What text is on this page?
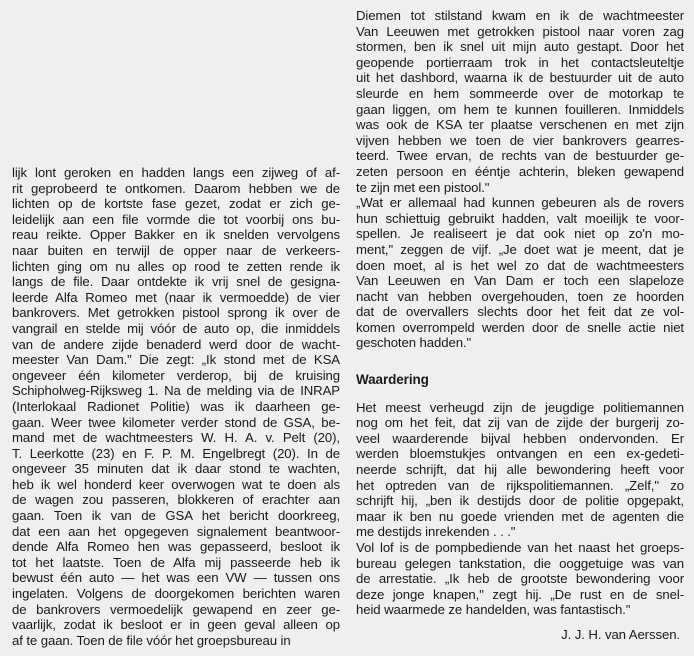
lijk lont geroken en hadden langs een zijweg of af-
rit geprobeerd te ontkomen. Daarom hebben we de
lichten op de kortste fase gezet, zodat er zich ge-
leidelijk aan een file vormde die tot voorbij ons bu-
reau reikte. Opper Bakker en ik snelden vervolgens
naar buiten en terwijl de opper naar de verkeers-
lichten ging om nu alles op rood te zetten rende ik
langs de file. Daar ontdekte ik vrij snel de gesigna-
leerde Alfa Romeo met (naar ik vermoedde) de vier
bankrovers. Met getrokken pistool sprong ik over de
vangrail en stelde mij vóór de auto op, die inmiddels
van de andere zijde benaderd werd door de wacht-
meester Van Dam." Die zegt: „Ik stond met de KSA
ongeveer één kilometer verderop, bij de kruising
Schipholweg-Rijksweg 1. Na de melding via de INRAP
(Interlokaal Radionet Politie) was ik daarheen ge-
gaan. Weer twee kilometer verder stond de GSA, be-
mand met de wachtmeesters W. H. A. v. Pelt (20),
T. Leerkotte (23) en F. P. M. Engelbregt (20). In de
ongeveer 35 minuten dat ik daar stond te wachten,
heb ik wel honderd keer overwogen wat te doen als
de wagen zou passeren, blokkeren of erachter aan
gaan. Toen ik van de GSA het bericht doorkreeg,
dat een aan het opgegeven signalement beantwoor-
dende Alfa Romeo hen was gepasseerd, besloot ik
tot het laatste. Toen de Alfa mij passeerde heb ik
bewust één auto — het was een VW — tussen ons
ingelaten. Volgens de doorgekomen berichten waren
de bankrovers vermoedelijk gewapend en zeer ge-
vaarlijk, zodat ik besloot er in geen geval alleen op
af te gaan. Toen de file vóór het groepsbureau in

Diemen tot stilstand kwam en ik de wachtmeester
Van Leeuwen met getrokken pistool naar voren zag
stormen, ben ik snel uit mijn auto gestapt. Door het
geopende portierraam trok in het contactsleuteltje
uit het dashbord, waarna ik de bestuurder uit de auto
sleurde en hem sommeerde over de motorkap te
gaan liggen, om hem te kunnen fouilleren. Inmiddels
was ook de KSA ter plaatse verschenen en met zijn
vijven hebben we toen de vier bankrovers gearres-
teerd. Twee ervan, de rechts van de bestuurder ge-
zeten persoon en ééntje achterin, bleken gewapend
te zijn met een pistool."

„Wat er allemaal had kunnen gebeuren als de rovers
hun schiettuig gebruikt hadden, valt moeilijk te voor-
spellen. Je realiseert je dat ook niet op zo'n mo-
ment," zeggen de vijf. „Je doet wat je meent, dat je
doen moet, al is het wel zo dat de wachtmeesters
Van Leeuwen en Van Dam er toch een slapeloze
nacht van hebben overgehouden, toen ze hoorden
dat de overvallers slechts door het feit dat ze vol-
komen overrompeld werden door de snelle actie niet
geschoten hadden."

Waardering

Het meest verheugd zijn de jeugdige politiemannen
nog om het feit, dat zij van de zijde der burgerij zo-
veel waarderende bijval hebben ondervonden. Er
werden bloemstukjes ontvangen en een ex-gedeti-
neerde schrijft, dat hij alle bewondering heeft voor
het optreden van de rijkspolitiemannen. „Zelf," zo
schrijft hij, „ben ik destijds door de politie opgepakt,
maar ik ben nu goede vrienden met de agenten die
me destijds inrekenden . . ."

Vol lof is de pompbediende van het naast het groeps-
bureau gelegen tankstation, die ooggetuige was van
de arrestatie. „Ik heb de grootste bewondering voor
deze jonge knapen," zegt hij. „De rust en de snel-
heid waarmede ze handelden, was fantastisch."

J. J. H. van Aerssen.
